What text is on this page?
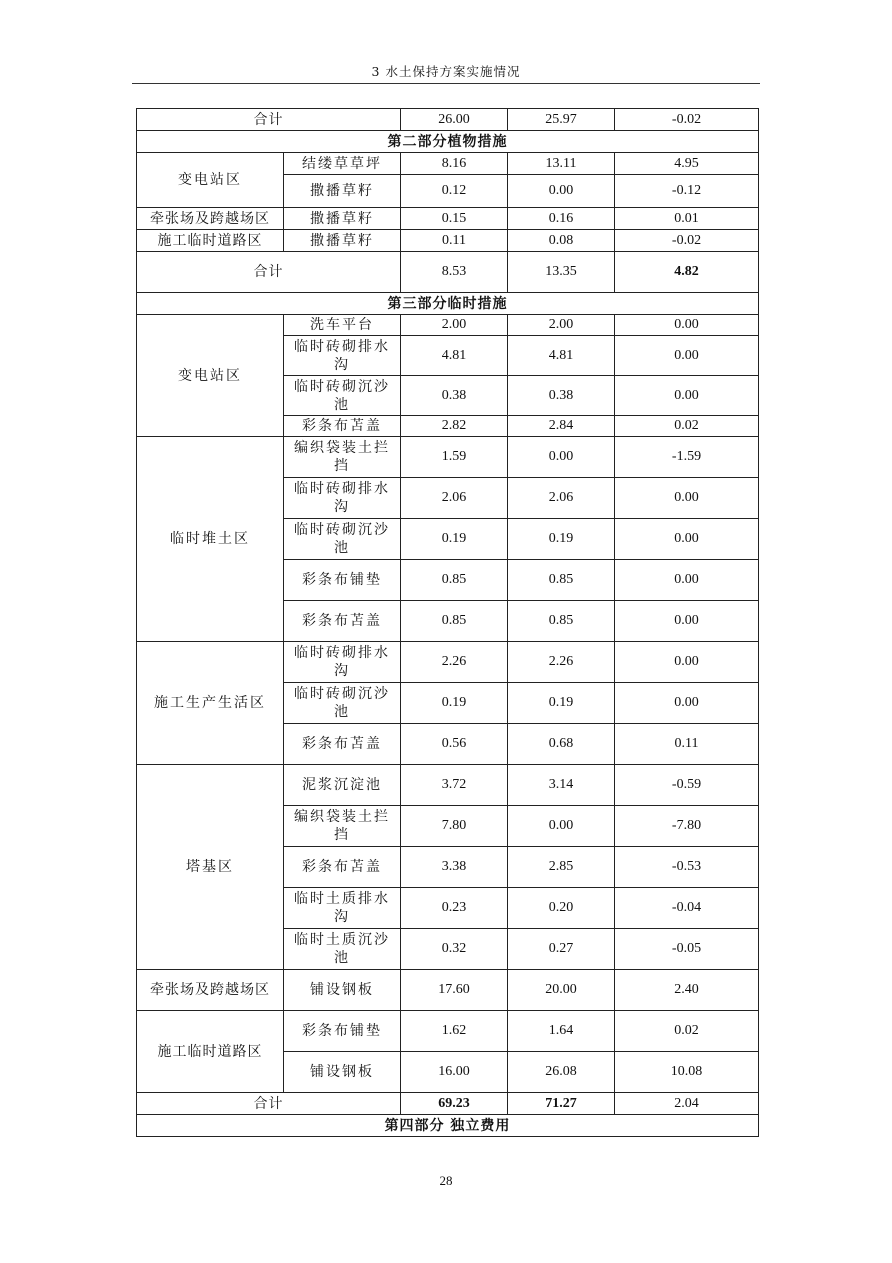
3 水土保持方案实施情况
合计		26.00	25.97	-0.02
第二部分植物措施				
变电站区	结缕草草坪	8.16	13.11	4.95
	撒播草籽	0.12	0.00	-0.12
牵张场及跨越场区	撒播草籽	0.15	0.16	0.01
施工临时道路区	撒播草籽	0.11	0.08	-0.02
合计		8.53	13.35	4.82
第三部分临时措施				
变电站区	洗车平台	2.00	2.00	0.00
	临时砖砌排水沟	4.81	4.81	0.00
	临时砖砌沉沙池	0.38	0.38	0.00
	彩条布苫盖	2.82	2.84	0.02
临时堆土区	编织袋装土拦挡	1.59	0.00	-1.59
	临时砖砌排水沟	2.06	2.06	0.00
	临时砖砌沉沙池	0.19	0.19	0.00
	彩条布铺垫	0.85	0.85	0.00
	彩条布苫盖	0.85	0.85	0.00
施工生产生活区	临时砖砌排水沟	2.26	2.26	0.00
	临时砖砌沉沙池	0.19	0.19	0.00
	彩条布苫盖	0.56	0.68	0.11
塔基区	泥浆沉淀池	3.72	3.14	-0.59
	编织袋装土拦挡	7.80	0.00	-7.80
	彩条布苫盖	3.38	2.85	-0.53
	临时土质排水沟	0.23	0.20	-0.04
	临时土质沉沙池	0.32	0.27	-0.05
牵张场及跨越场区	铺设钢板	17.60	20.00	2.40
施工临时道路区	彩条布铺垫	1.62	1.64	0.02
	铺设钢板	16.00	26.08	10.08
合计		69.23	71.27	2.04
第四部分 独立费用				
28
